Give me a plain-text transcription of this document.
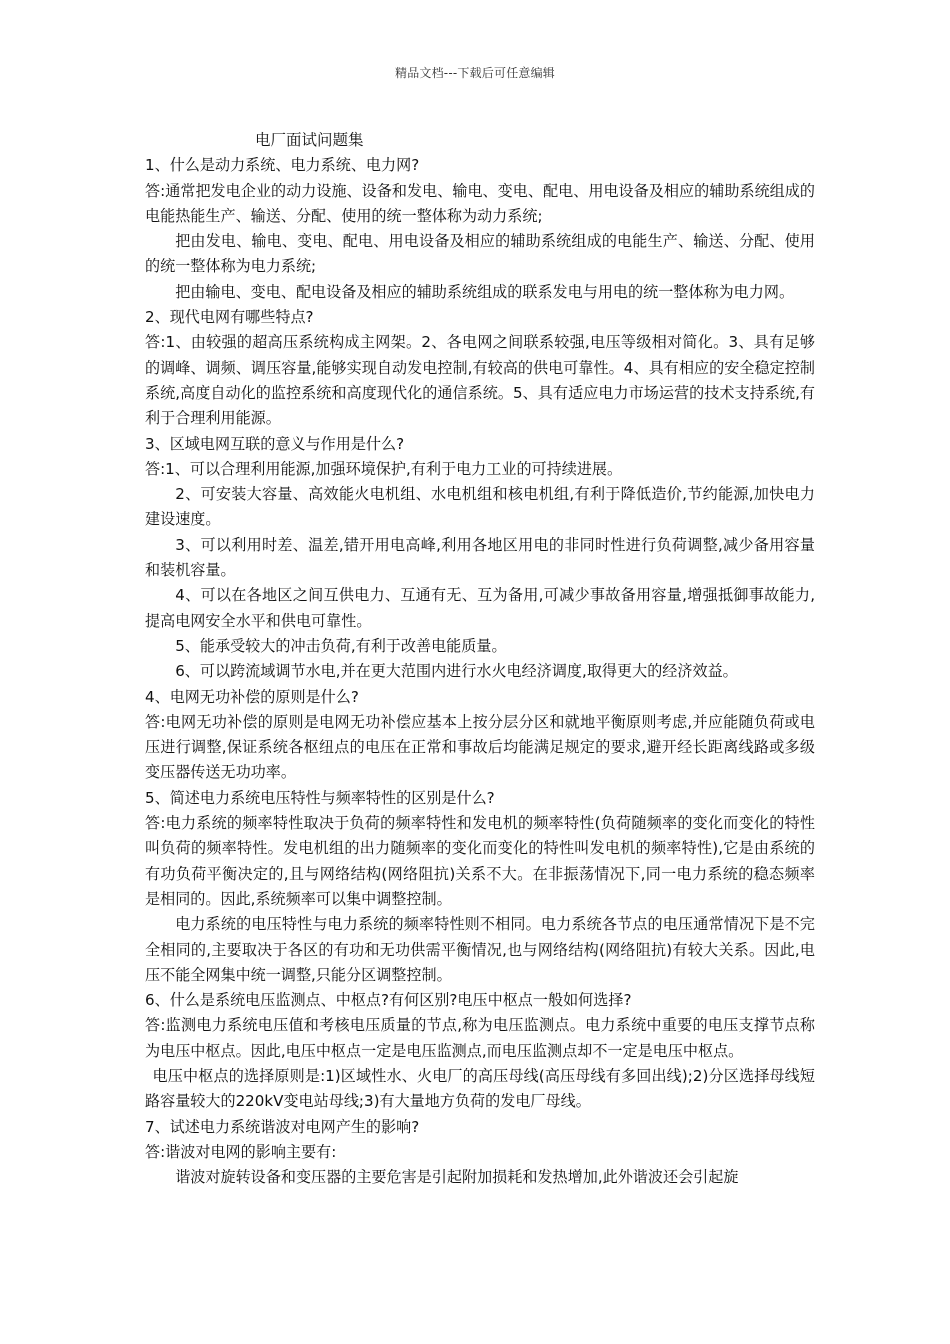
精品文档---下载后可任意编辑
电厂面试问题集

1、什么是动力系统、电力系统、电力网?

答:通常把发电企业的动力设施、设备和发电、输电、变电、配电、用电设备及相应的辅助系统组成的电能热能生产、输送、分配、使用的统一整体称为动力系统;

把由发电、输电、变电、配电、用电设备及相应的辅助系统组成的电能生产、输送、分配、使用的统一整体称为电力系统;

把由输电、变电、配电设备及相应的辅助系统组成的联系发电与用电的统一整体称为电力网。

2、现代电网有哪些特点?

答:1、由较强的超高压系统构成主网架。2、各电网之间联系较强,电压等级相对简化。3、具有足够的调峰、调频、调压容量,能够实现自动发电控制,有较高的供电可靠性。4、具有相应的安全稳定控制系统,高度自动化的监控系统和高度现代化的通信系统。5、具有适应电力市场运营的技术支持系统,有利于合理利用能源。

3、区域电网互联的意义与作用是什么?

答:1、可以合理利用能源,加强环境保护,有利于电力工业的可持续进展。

2、可安装大容量、高效能火电机组、水电机组和核电机组,有利于降低造价,节约能源,加快电力建设速度。

3、可以利用时差、温差,错开用电高峰,利用各地区用电的非同时性进行负荷调整,减少备用容量和装机容量。

4、可以在各地区之间互供电力、互通有无、互为备用,可减少事故备用容量,增强抵御事故能力,提高电网安全水平和供电可靠性。

5、能承受较大的冲击负荷,有利于改善电能质量。

6、可以跨流域调节水电,并在更大范围内进行水火电经济调度,取得更大的经济效益。

4、电网无功补偿的原则是什么?

答:电网无功补偿的原则是电网无功补偿应基本上按分层分区和就地平衡原则考虑,并应能随负荷或电压进行调整,保证系统各枢纽点的电压在正常和事故后均能满足规定的要求,避开经长距离线路或多级变压器传送无功功率。

5、简述电力系统电压特性与频率特性的区别是什么?

答:电力系统的频率特性取决于负荷的频率特性和发电机的频率特性(负荷随频率的变化而变化的特性叫负荷的频率特性。发电机组的出力随频率的变化而变化的特性叫发电机的频率特性),它是由系统的有功负荷平衡决定的,且与网络结构(网络阻抗)关系不大。在非振荡情况下,同一电力系统的稳态频率是相同的。因此,系统频率可以集中调整控制。

电力系统的电压特性与电力系统的频率特性则不相同。电力系统各节点的电压通常情况下是不完全相同的,主要取决于各区的有功和无功供需平衡情况,也与网络结构(网络阻抗)有较大关系。因此,电压不能全网集中统一调整,只能分区调整控制。

6、什么是系统电压监测点、中枢点?有何区别?电压中枢点一般如何选择?

答:监测电力系统电压值和考核电压质量的节点,称为电压监测点。电力系统中重要的电压支撑节点称为电压中枢点。因此,电压中枢点一定是电压监测点,而电压监测点却不一定是电压中枢点。

电压中枢点的选择原则是:1)区域性水、火电厂的高压母线(高压母线有多回出线);2)分区选择母线短路容量较大的220kV变电站母线;3)有大量地方负荷的发电厂母线。

7、试述电力系统谐波对电网产生的影响?

答:谐波对电网的影响主要有:

谐波对旋转设备和变压器的主要危害是引起附加损耗和发热增加,此外谐波还会引起旋
